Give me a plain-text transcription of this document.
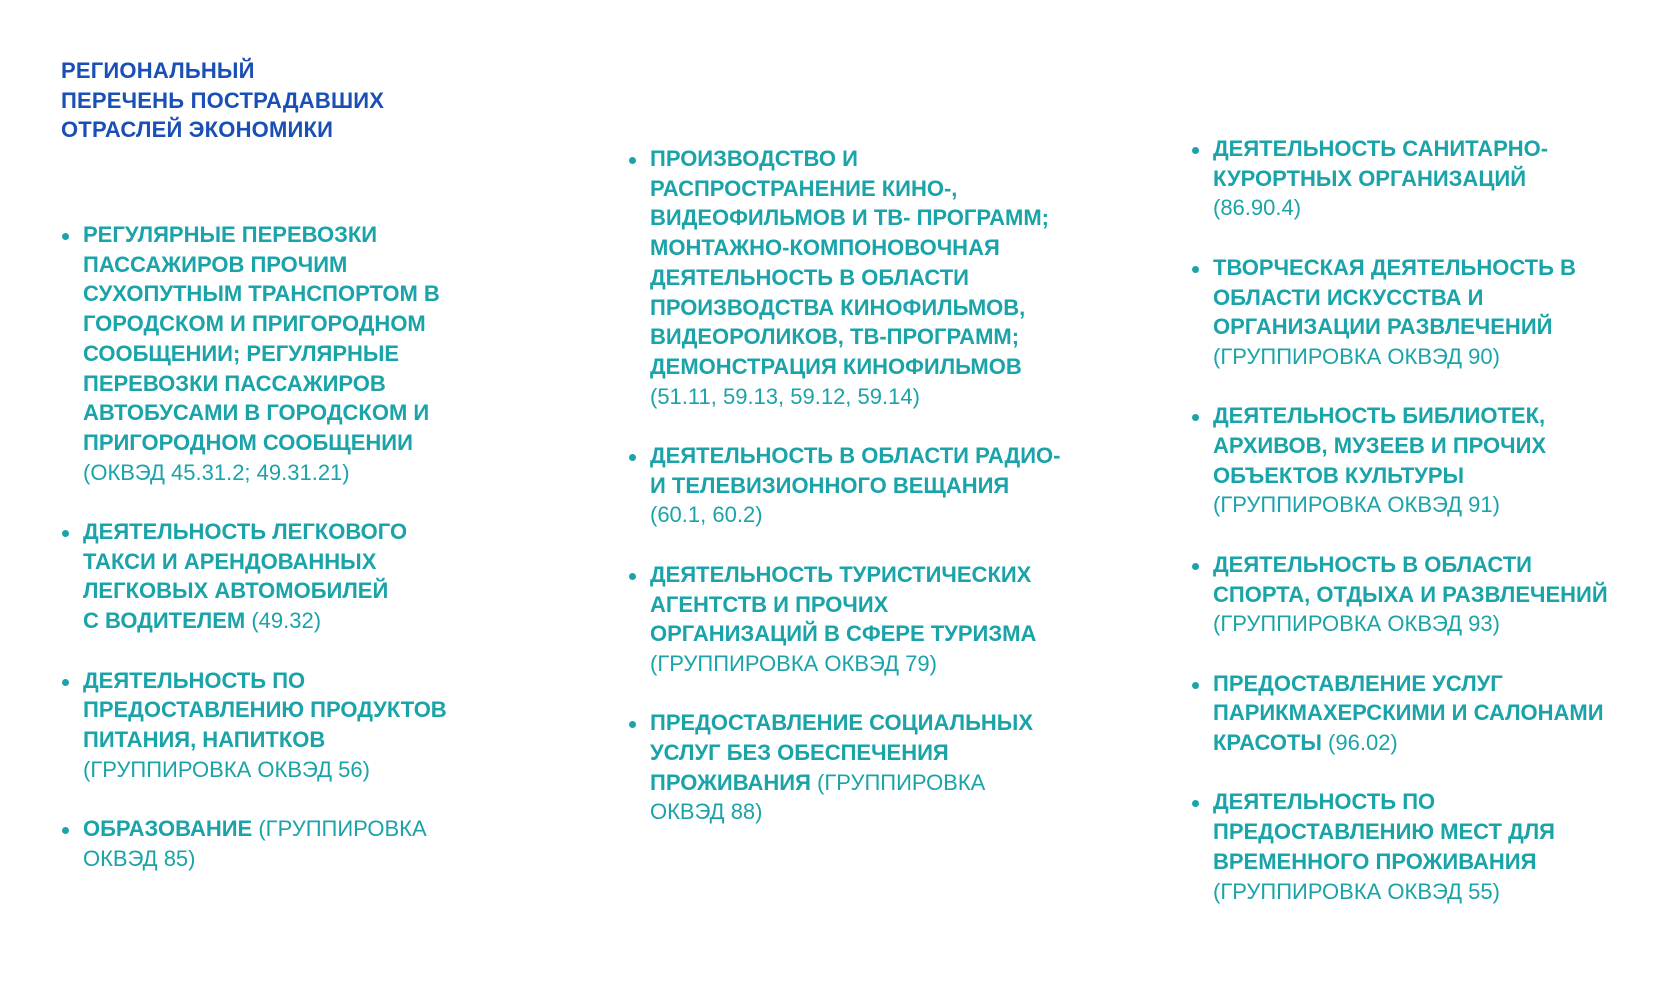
РЕГИОНАЛЬНЫЙ
ПЕРЕЧЕНЬ ПОСТРАДАВШИХ
ОТРАСЛЕЙ ЭКОНОМИКИ
РЕГУЛЯРНЫЕ ПЕРЕВОЗКИ
ПАССАЖИРОВ ПРОЧИМ
СУХОПУТНЫМ ТРАНСПОРТОМ В
ГОРОДСКОМ И ПРИГОРОДНОМ
СООБЩЕНИИ; РЕГУЛЯРНЫЕ
ПЕРЕВОЗКИ ПАССАЖИРОВ
АВТОБУСАМИ В ГОРОДСКОМ И
ПРИГОРОДНОМ СООБЩЕНИИ
(ОКВЭД 45.31.2; 49.31.21)
ДЕЯТЕЛЬНОСТЬ ЛЕГКОВОГО
ТАКСИ И АРЕНДОВАННЫХ
ЛЕГКОВЫХ АВТОМОБИЛЕЙ
С ВОДИТЕЛЕМ (49.32)
ДЕЯТЕЛЬНОСТЬ ПО
ПРЕДОСТАВЛЕНИЮ ПРОДУКТОВ
ПИТАНИЯ, НАПИТКОВ
(ГРУППИРОВКА ОКВЭД 56)
ОБРАЗОВАНИЕ (ГРУППИРОВКА
ОКВЭД 85)
ПРОИЗВОДСТВО И
РАСПРОСТРАНЕНИЕ КИНО-,
ВИДЕОФИЛЬМОВ И ТВ- ПРОГРАММ;
МОНТАЖНО-КОМПОНОВОЧНАЯ
ДЕЯТЕЛЬНОСТЬ В ОБЛАСТИ
ПРОИЗВОДСТВА КИНОФИЛЬМОВ,
ВИДЕОРОЛИКОВ, ТВ-ПРОГРАММ;
ДЕМОНСТРАЦИЯ КИНОФИЛЬМОВ
(51.11, 59.13, 59.12, 59.14)
ДЕЯТЕЛЬНОСТЬ В ОБЛАСТИ РАДИО-
И ТЕЛЕВИЗИОННОГО ВЕЩАНИЯ
(60.1, 60.2)
ДЕЯТЕЛЬНОСТЬ ТУРИСТИЧЕСКИХ
АГЕНТСТВ И ПРОЧИХ
ОРГАНИЗАЦИЙ В СФЕРЕ ТУРИЗМА
(ГРУППИРОВКА ОКВЭД 79)
ПРЕДОСТАВЛЕНИЕ СОЦИАЛЬНЫХ
УСЛУГ БЕЗ ОБЕСПЕЧЕНИЯ
ПРОЖИВАНИЯ (ГРУППИРОВКА
ОКВЭД 88)
ДЕЯТЕЛЬНОСТЬ САНИТАРНО-
КУРОРТНЫХ ОРГАНИЗАЦИЙ
(86.90.4)
ТВОРЧЕСКАЯ ДЕЯТЕЛЬНОСТЬ В
ОБЛАСТИ ИСКУССТВА И
ОРГАНИЗАЦИИ РАЗВЛЕЧЕНИЙ
(ГРУППИРОВКА ОКВЭД 90)
ДЕЯТЕЛЬНОСТЬ БИБЛИОТЕК,
АРХИВОВ, МУЗЕЕВ И ПРОЧИХ
ОБЪЕКТОВ КУЛЬТУРЫ
(ГРУППИРОВКА ОКВЭД 91)
ДЕЯТЕЛЬНОСТЬ В ОБЛАСТИ
СПОРТА, ОТДЫХА И РАЗВЛЕЧЕНИЙ
(ГРУППИРОВКА ОКВЭД 93)
ПРЕДОСТАВЛЕНИЕ УСЛУГ
ПАРИКМАХЕРСКИМИ И САЛОНАМИ
КРАСОТЫ (96.02)
ДЕЯТЕЛЬНОСТЬ ПО
ПРЕДОСТАВЛЕНИЮ МЕСТ ДЛЯ
ВРЕМЕННОГО ПРОЖИВАНИЯ
(ГРУППИРОВКА ОКВЭД 55)
